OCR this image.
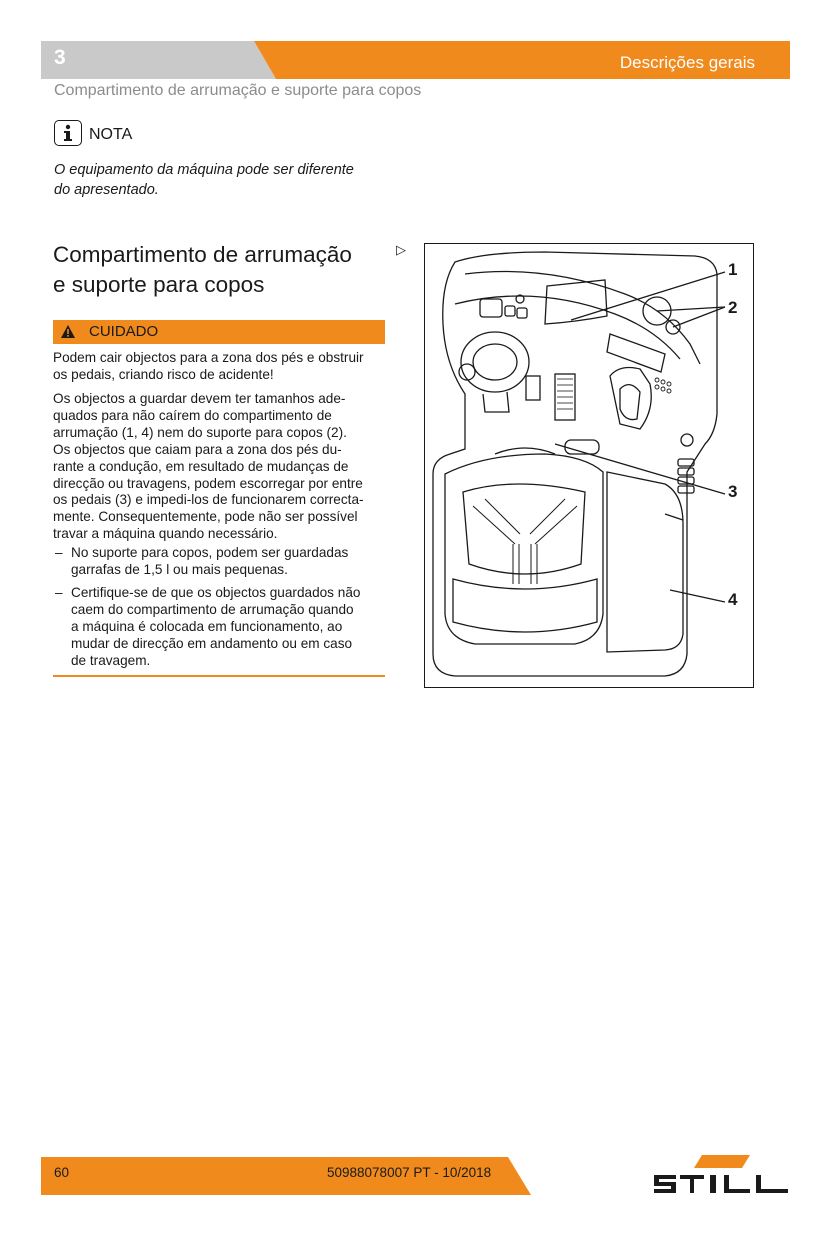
3	Descrições gerais
Compartimento de arrumação e suporte para copos
NOTA
O equipamento da máquina pode ser diferente
do apresentado.
Compartimento de arrumação
e suporte para copos
▷
CUIDADO
Podem cair objectos para a zona dos pés e obstruir
os pedais, criando risco de acidente!
Os objectos a guardar devem ter tamanhos ade-
quados para não caírem do compartimento de
arrumação (1, 4) nem do suporte para copos (2).
Os objectos que caiam para a zona dos pés du-
rante a condução, em resultado de mudanças de
direcção ou travagens, podem escorregar por entre
os pedais (3) e impedi-los de funcionarem correcta-
mente. Consequentemente, pode não ser possível
travar a máquina quando necessário.
– No suporte para copos, podem ser guardadas
garrafas de 1,5 l ou mais pequenas.
– Certifique-se de que os objectos guardados não
caem do compartimento de arrumação quando
a máquina é colocada em funcionamento, ao
mudar de direcção em andamento ou em caso
de travagem.
1
2
3
4
60	50988078007 PT - 10/2018
